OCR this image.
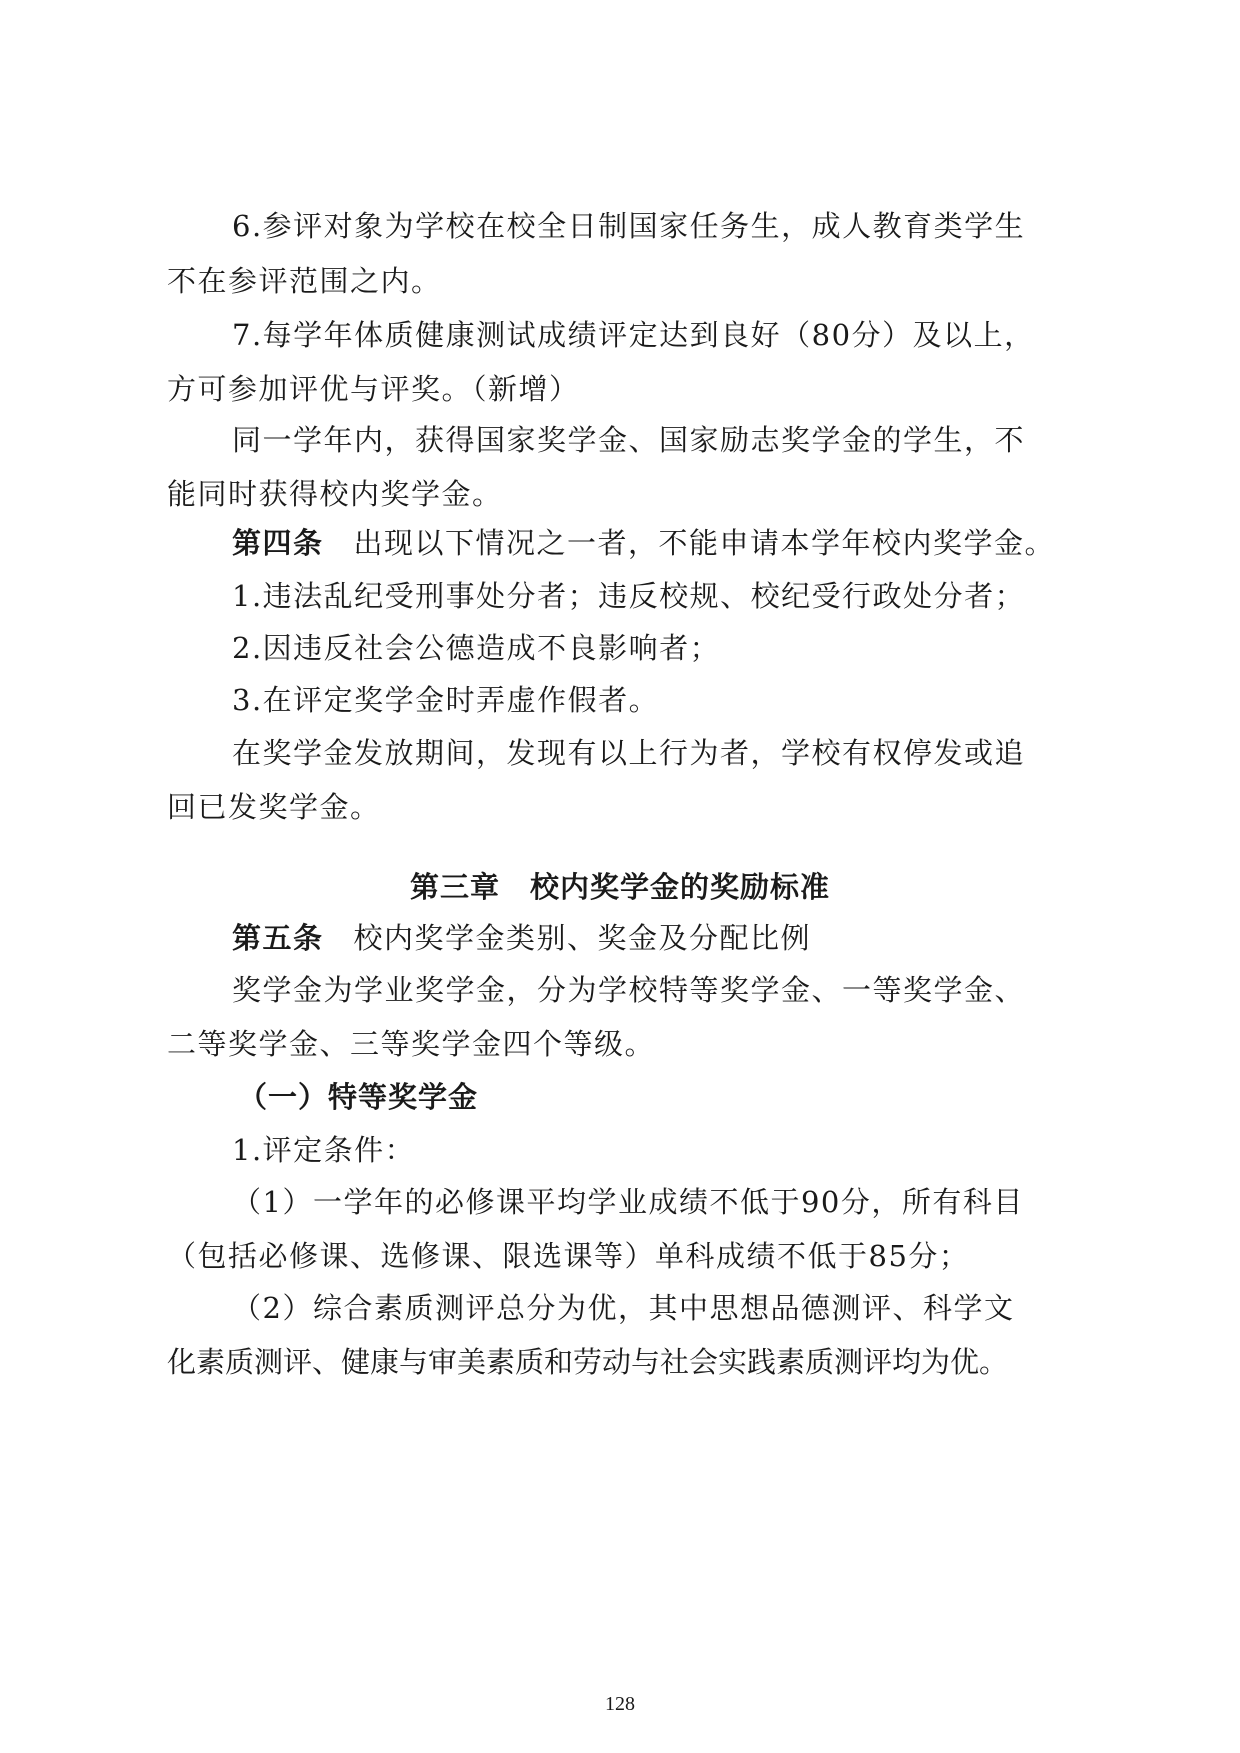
6.参评对象为学校在校全日制国家任务生，成人教育类学生
不在参评范围之内。
7.每学年体质健康测试成绩评定达到良好（80分）及以上，
方可参加评优与评奖。（新增）
同一学年内，获得国家奖学金、国家励志奖学金的学生，不
能同时获得校内奖学金。
第四条 出现以下情况之一者，不能申请本学年校内奖学金。
1.违法乱纪受刑事处分者；违反校规、校纪受行政处分者；
2.因违反社会公德造成不良影响者；
3.在评定奖学金时弄虚作假者。
在奖学金发放期间，发现有以上行为者，学校有权停发或追
回已发奖学金。
第三章 校内奖学金的奖励标准
第五条 校内奖学金类别、奖金及分配比例
奖学金为学业奖学金，分为学校特等奖学金、一等奖学金、
二等奖学金、三等奖学金四个等级。
（一）特等奖学金
1.评定条件：
（1）一学年的必修课平均学业成绩不低于90分，所有科目
（包括必修课、选修课、限选课等）单科成绩不低于85分；
（2）综合素质测评总分为优，其中思想品德测评、科学文
化素质测评、健康与审美素质和劳动与社会实践素质测评均为优。
128
